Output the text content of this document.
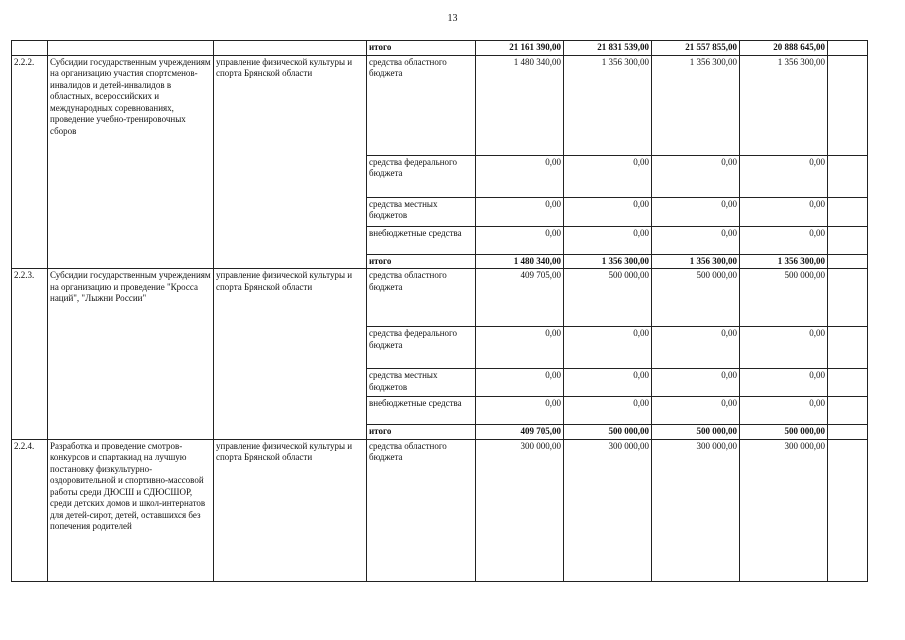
13
			итого	21 161 390,00	21 831 539,00	21 557 855,00	20 888 645,00	
2.2.2.	Субсидии государственным учреждениям на организацию участия спортсменов-инвалидов и детей-инвалидов в областных, всероссийских и международных соревнованиях, проведение учебно-тренировочных сборов	управление физической культуры и спорта Брянской области	средства областного бюджета	1 480 340,00	1 356 300,00	1 356 300,00	1 356 300,00	
			средства федерального бюджета	0,00	0,00	0,00	0,00	
			средства местных бюджетов	0,00	0,00	0,00	0,00	
			внебюджетные средства	0,00	0,00	0,00	0,00	
			итого	1 480 340,00	1 356 300,00	1 356 300,00	1 356 300,00	
2.2.3.	Субсидии государственным учреждениям на организацию и проведение "Кросса наций", "Лыжни России"	управление физической культуры и спорта Брянской области	средства областного бюджета	409 705,00	500 000,00	500 000,00	500 000,00	
			средства федерального бюджета	0,00	0,00	0,00	0,00	
			средства местных бюджетов	0,00	0,00	0,00	0,00	
			внебюджетные средства	0,00	0,00	0,00	0,00	
			итого	409 705,00	500 000,00	500 000,00	500 000,00	
2.2.4.	Разработка и проведение смотров-конкурсов и спартакиад на лучшую постановку физкультурно-оздоровительной и спортивно-массовой работы среди ДЮСШ и СДЮСШОР, среди детских домов и школ-интернатов для детей-сирот, детей, оставшихся без попечения родителей	управление физической культуры и спорта Брянской области	средства областного бюджета	300 000,00	300 000,00	300 000,00	300 000,00	
